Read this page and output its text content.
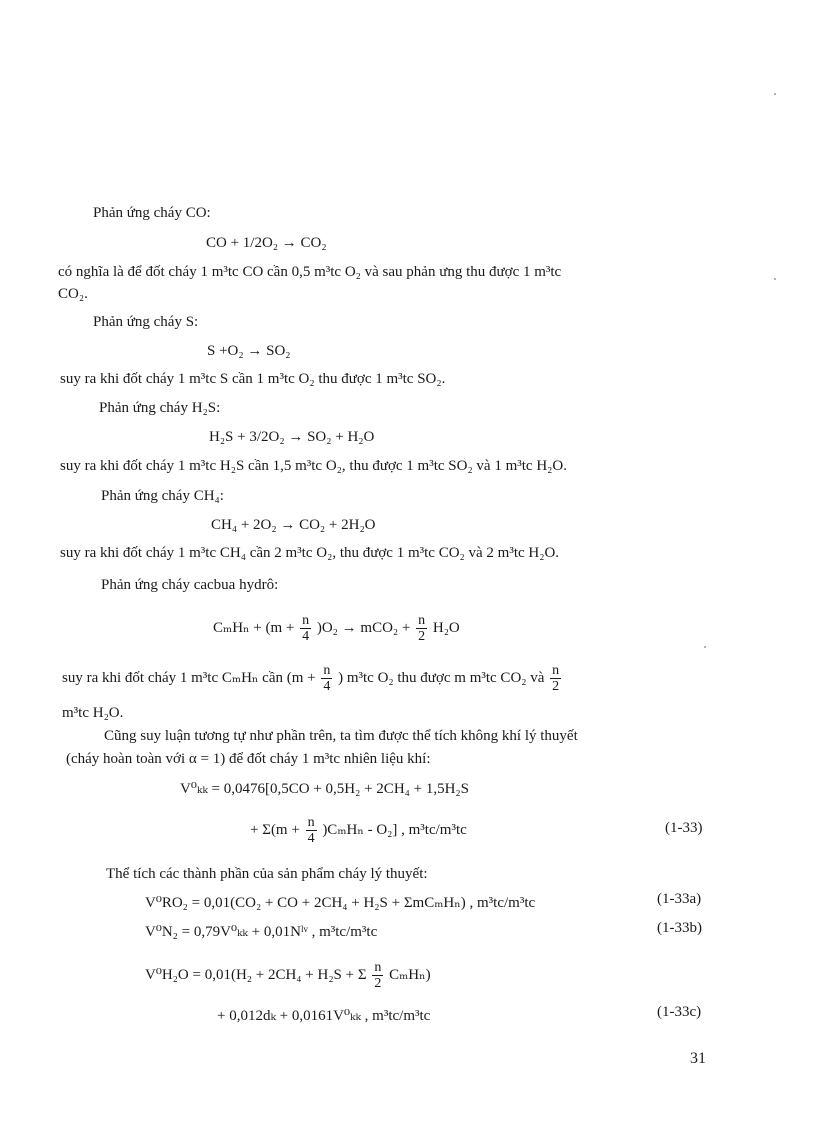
Phản ứng cháy CO:
CO + 1/2O₂ → CO₂
có nghĩa là để đốt cháy 1 m³tc CO cần 0,5 m³tc O₂ và sau phản ưng thu được 1 m³tc
CO₂.
Phản ứng cháy S:
S +O₂ → SO₂
suy ra khi đốt cháy 1 m³tc S cần 1 m³tc O₂ thu được 1 m³tc SO₂.
Phản ứng cháy H₂S:
H₂S + 3/2O₂ → SO₂ + H₂O
suy ra khi đốt cháy 1 m³tc H₂S cần 1,5 m³tc O₂, thu được 1 m³tc SO₂ và 1 m³tc H₂O.
Phản ứng cháy CH₄:
CH₄ + 2O₂ → CO₂ + 2H₂O
suy ra khi đốt cháy 1 m³tc CH₄ cần 2 m³tc O₂, thu được 1 m³tc CO₂ và 2 m³tc H₂O.
Phản ứng cháy cacbua hydrô:
$C_mH_n + (m + \frac{n}{4} )O_2 \to mCO_2 + \frac{n}{2} H_2O$
suy ra khi đốt cháy 1 m³tc CₘHₙ cần ($m + \frac{n}{4}$ ) m³tc O₂ thu được m m³tc CO₂ và $\frac{n}{2}$
m³tc H₂O.
Cũng suy luận tương tự như phần trên, ta tìm được thể tích không khí lý thuyết
(cháy hoàn toàn với α = 1) để đốt cháy 1 m³tc nhiên liệu khí:
V⁰ₖₖ = 0,0476[0,5CO + 0,5H₂ + 2CH₄ + 1,5H₂S
+ $\Sigma(m + \frac{n}{4} )C_mH_n - O_2$] , m³tc/m³tc	(1-33)
Thể tích các thành phần của sản phẩm cháy lý thuyết:
V⁰RO₂ = 0,01(CO₂ + CO + 2CH₄ + H₂S + ΣmCₘHₙ) , m³tc/m³tc	(1-33a)
V⁰N₂ = 0,79V⁰ₖₖ + 0,01Nˡᵛ , m³tc/m³tc	(1-33b)
V⁰H₂O = 0,01(H₂ + 2CH₄ + H₂S + Σ $\frac{n}{2} C_mH_n$)
+ 0,012dₖ + 0,0161V⁰ₖₖ , m³tc/m³tc	(1-33c)
31
